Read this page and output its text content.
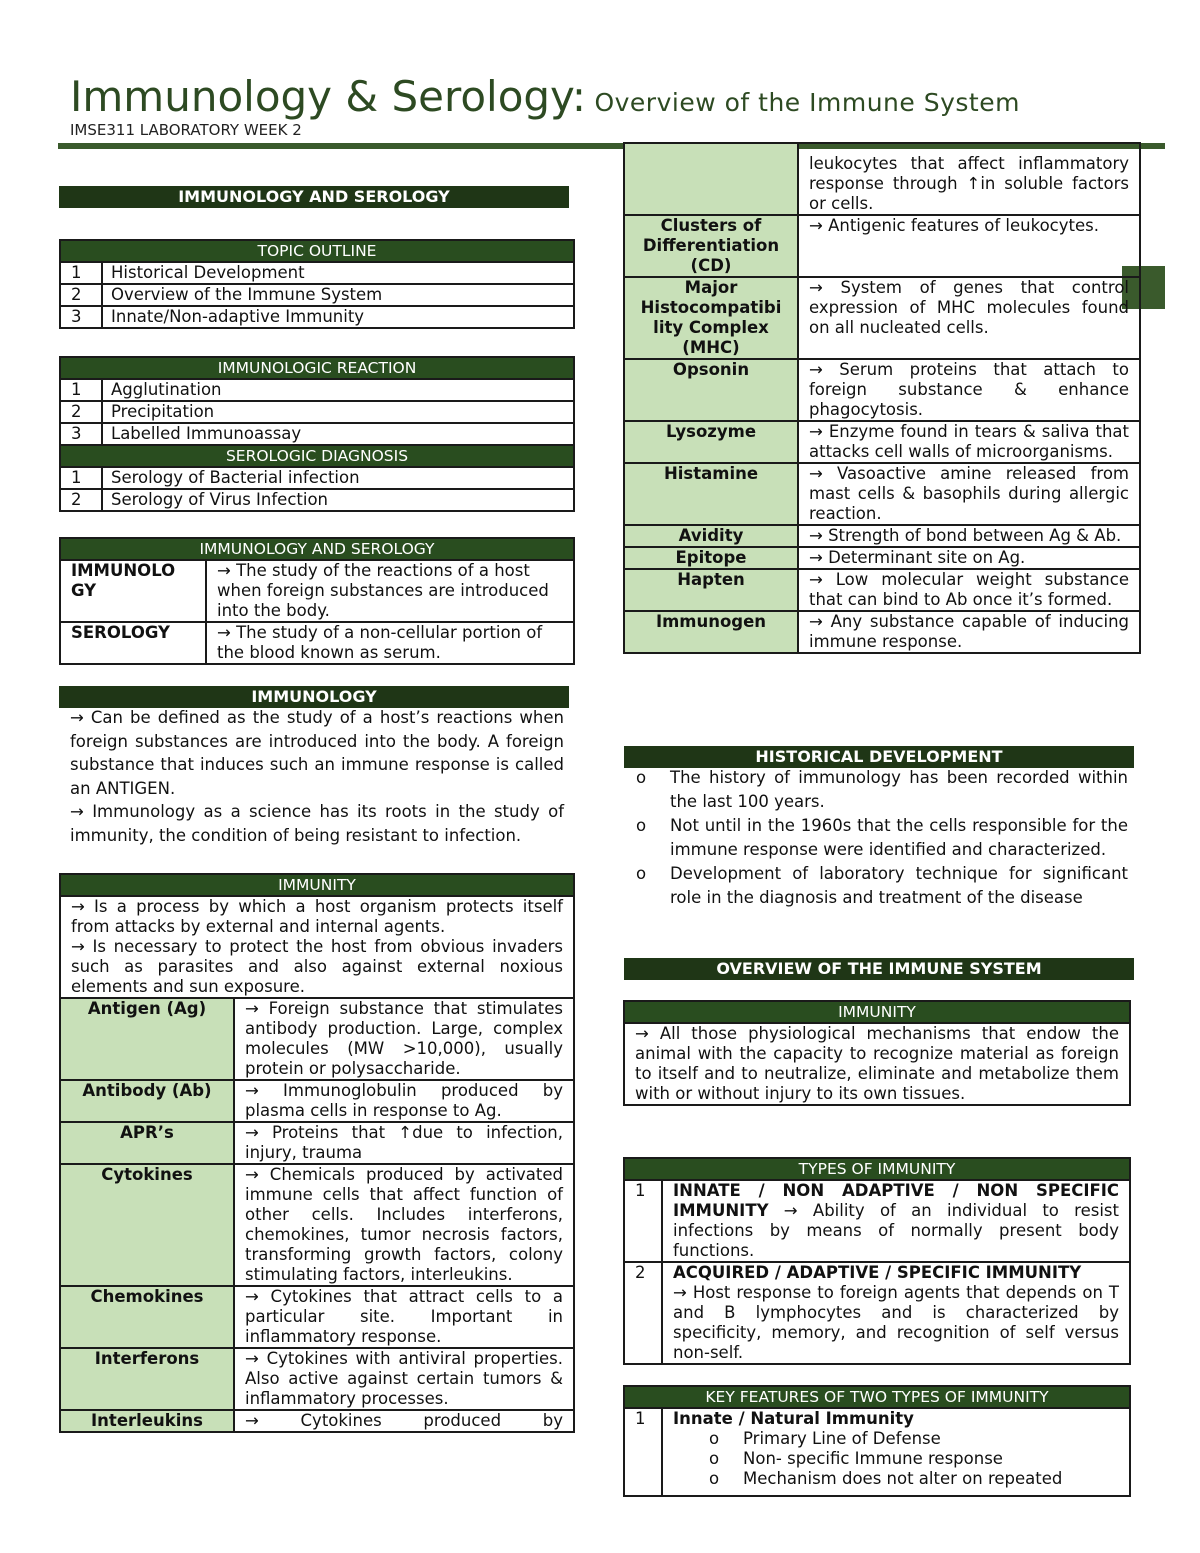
Immunology & Serology: Overview of the Immune System
IMSE311 LABORATORY WEEK 2
IMMUNOLOGY AND SEROLOGY
TOPIC OUTLINE	
1	Historical Development
2	Overview of the Immune System
3	Innate/Non-adaptive Immunity
IMMUNOLOGIC REACTION	
1	Agglutination
2	Precipitation
3	Labelled Immunoassay
SEROLOGIC DIAGNOSIS	
1	Serology of Bacterial infection
2	Serology of Virus Infection
IMMUNOLOGY AND SEROLOGY	
IMMUNOLO GY	→ The study of the reactions of a host when foreign substances are introduced into the body.
SEROLOGY	→ The study of a non-cellular portion of the blood known as serum.
IMMUNOLOGY
→ Can be defined as the study of a host’s reactions when foreign substances are introduced into the body. A foreign substance that induces such an immune response is called an ANTIGEN.
→ Immunology as a science has its roots in the study of immunity, the condition of being resistant to infection.
IMMUNITY	

→ Is a process by which a host organism protects itself from attacks by external and internal agents.
→ Is necessary to protect the host from obvious invaders such as parasites and also against external noxious elements and sun exposure.	

Antigen (Ag)	→ Foreign substance that stimulates antibody production. Large, complex molecules (MW >10,000), usually protein or polysaccharide.
Antibody (Ab)	→ Immunoglobulin produced by plasma cells in response to Ag.
APR’s	→ Proteins that ↑due to infection, injury, trauma
Cytokines	→ Chemicals produced by activated immune cells that affect function of other cells. Includes interferons, chemokines, tumor necrosis factors, transforming growth factors, colony stimulating factors, interleukins.
Chemokines	→ Cytokines that attract cells to a particular site. Important in inflammatory response.
Interferons	→ Cytokines with antiviral properties. Also active against certain tumors & inflammatory processes.
Interleukins	→ Cytokines produced by
	leukocytes that affect inflammatory response through ↑in soluble factors or cells.
Clusters of Differentiation (CD)	→ Antigenic features of leukocytes.
Major Histocompatibi lity Complex (MHC)	→ System of genes that control expression of MHC molecules found on all nucleated cells.
Opsonin	→ Serum proteins that attach to foreign substance & enhance phagocytosis.
Lysozyme	→ Enzyme found in tears & saliva that attacks cell walls of microorganisms.
Histamine	→ Vasoactive amine released from mast cells & basophils during allergic reaction.
Avidity	→ Strength of bond between Ag & Ab.
Epitope	→ Determinant site on Ag.
Hapten	→ Low molecular weight substance that can bind to Ab once it’s formed.
Immunogen	→ Any substance capable of inducing immune response.
HISTORICAL DEVELOPMENT
o The history of immunology has been recorded within the last 100 years.
o Not until in the 1960s that the cells responsible for the immune response were identified and characterized.
o Development of laboratory technique for significant role in the diagnosis and treatment of the disease
OVERVIEW OF THE IMMUNE SYSTEM
IMMUNITY
→ All those physiological mechanisms that endow the animal with the capacity to recognize material as foreign to itself and to neutralize, eliminate and metabolize them with or without injury to its own tissues.
TYPES OF IMMUNITY	
1	INNATE / NON ADAPTIVE / NON SPECIFIC IMMUNITY → Ability of an individual to resist infections by means of normally present body functions.
2	ACQUIRED / ADAPTIVE / SPECIFIC IMMUNITY
→ Host response to foreign agents that depends on T and B lymphocytes and is characterized by specificity, memory, and recognition of self versus non-self.
KEY FEATURES OF TWO TYPES OF IMMUNITY
1	Innate / Natural Immunity
o Primary Line of Defense
o Non- specific Immune response
o Mechanism does not alter on repeated
